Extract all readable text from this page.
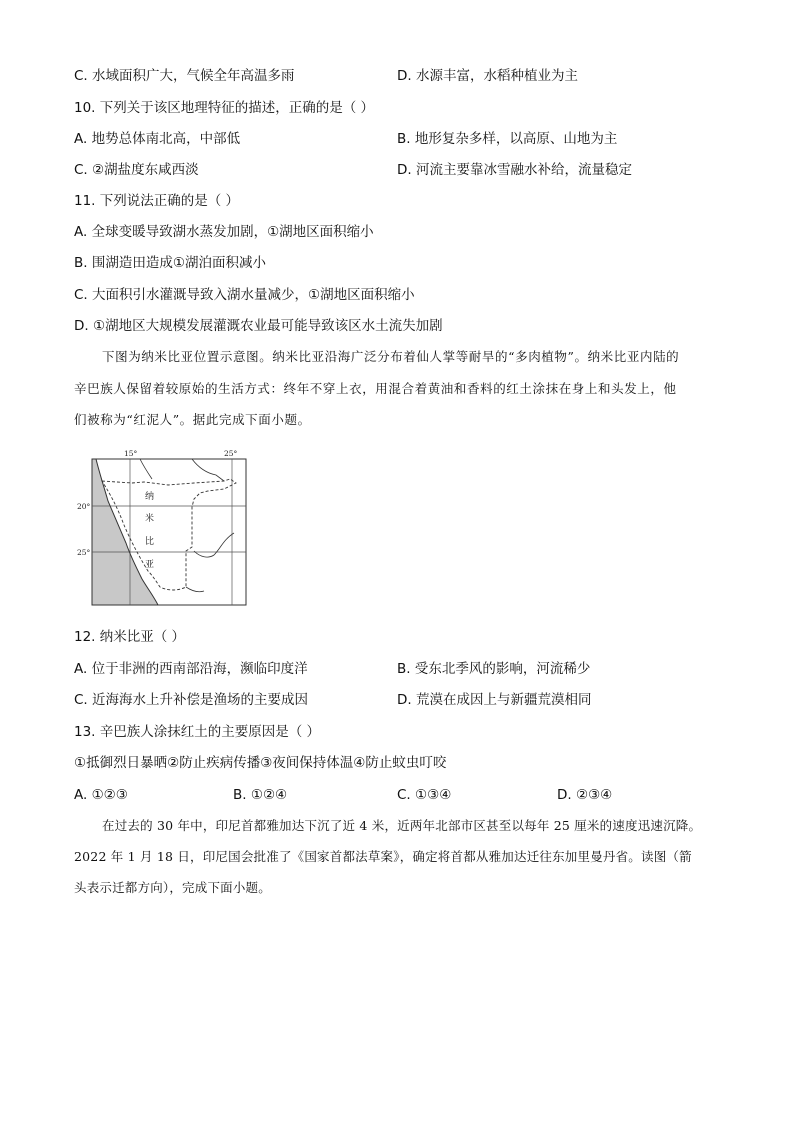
C. 水域面积广大，气候全年高温多雨	D. 水源丰富，水稻种植业为主
10. 下列关于该区地理特征的描述，正确的是（ ）
A. 地势总体南北高，中部低	B. 地形复杂多样，以高原、山地为主
C. ②湖盐度东咸西淡	D. 河流主要靠冰雪融水补给，流量稳定
11. 下列说法正确的是（ ）
A. 全球变暖导致湖水蒸发加剧，①湖地区面积缩小
B. 围湖造田造成①湖泊面积减小
C. 大面积引水灌溉导致入湖水量减少，①湖地区面积缩小
D. ①湖地区大规模发展灌溉农业最可能导致该区水土流失加剧
下图为纳米比亚位置示意图。纳米比亚沿海广泛分布着仙人掌等耐旱的“多肉植物”。纳米比亚内陆的
辛巴族人保留着较原始的生活方式：终年不穿上衣，用混合着黄油和香料的红土涂抹在身上和头发上，他
们被称为“红泥人”。据此完成下面小题。
15°	25°
20°
25°
纳
米
比
亚
12. 纳米比亚（ ）
A. 位于非洲的西南部沿海，濒临印度洋	B. 受东北季风的影响，河流稀少
C. 近海海水上升补偿是渔场的主要成因	D. 荒漠在成因上与新疆荒漠相同
13. 辛巴族人涂抹红土的主要原因是（ ）
①抵御烈日暴晒②防止疾病传播③夜间保持体温④防止蚊虫叮咬
A. ①②③	B. ①②④	C. ①③④	D. ②③④
在过去的 30 年中，印尼首都雅加达下沉了近 4 米，近两年北部市区甚至以每年 25 厘米的速度迅速沉降。
2022 年 1 月 18 日，印尼国会批准了《国家首都法草案》，确定将首都从雅加达迁往东加里曼丹省。读图（箭
头表示迁都方向），完成下面小题。
